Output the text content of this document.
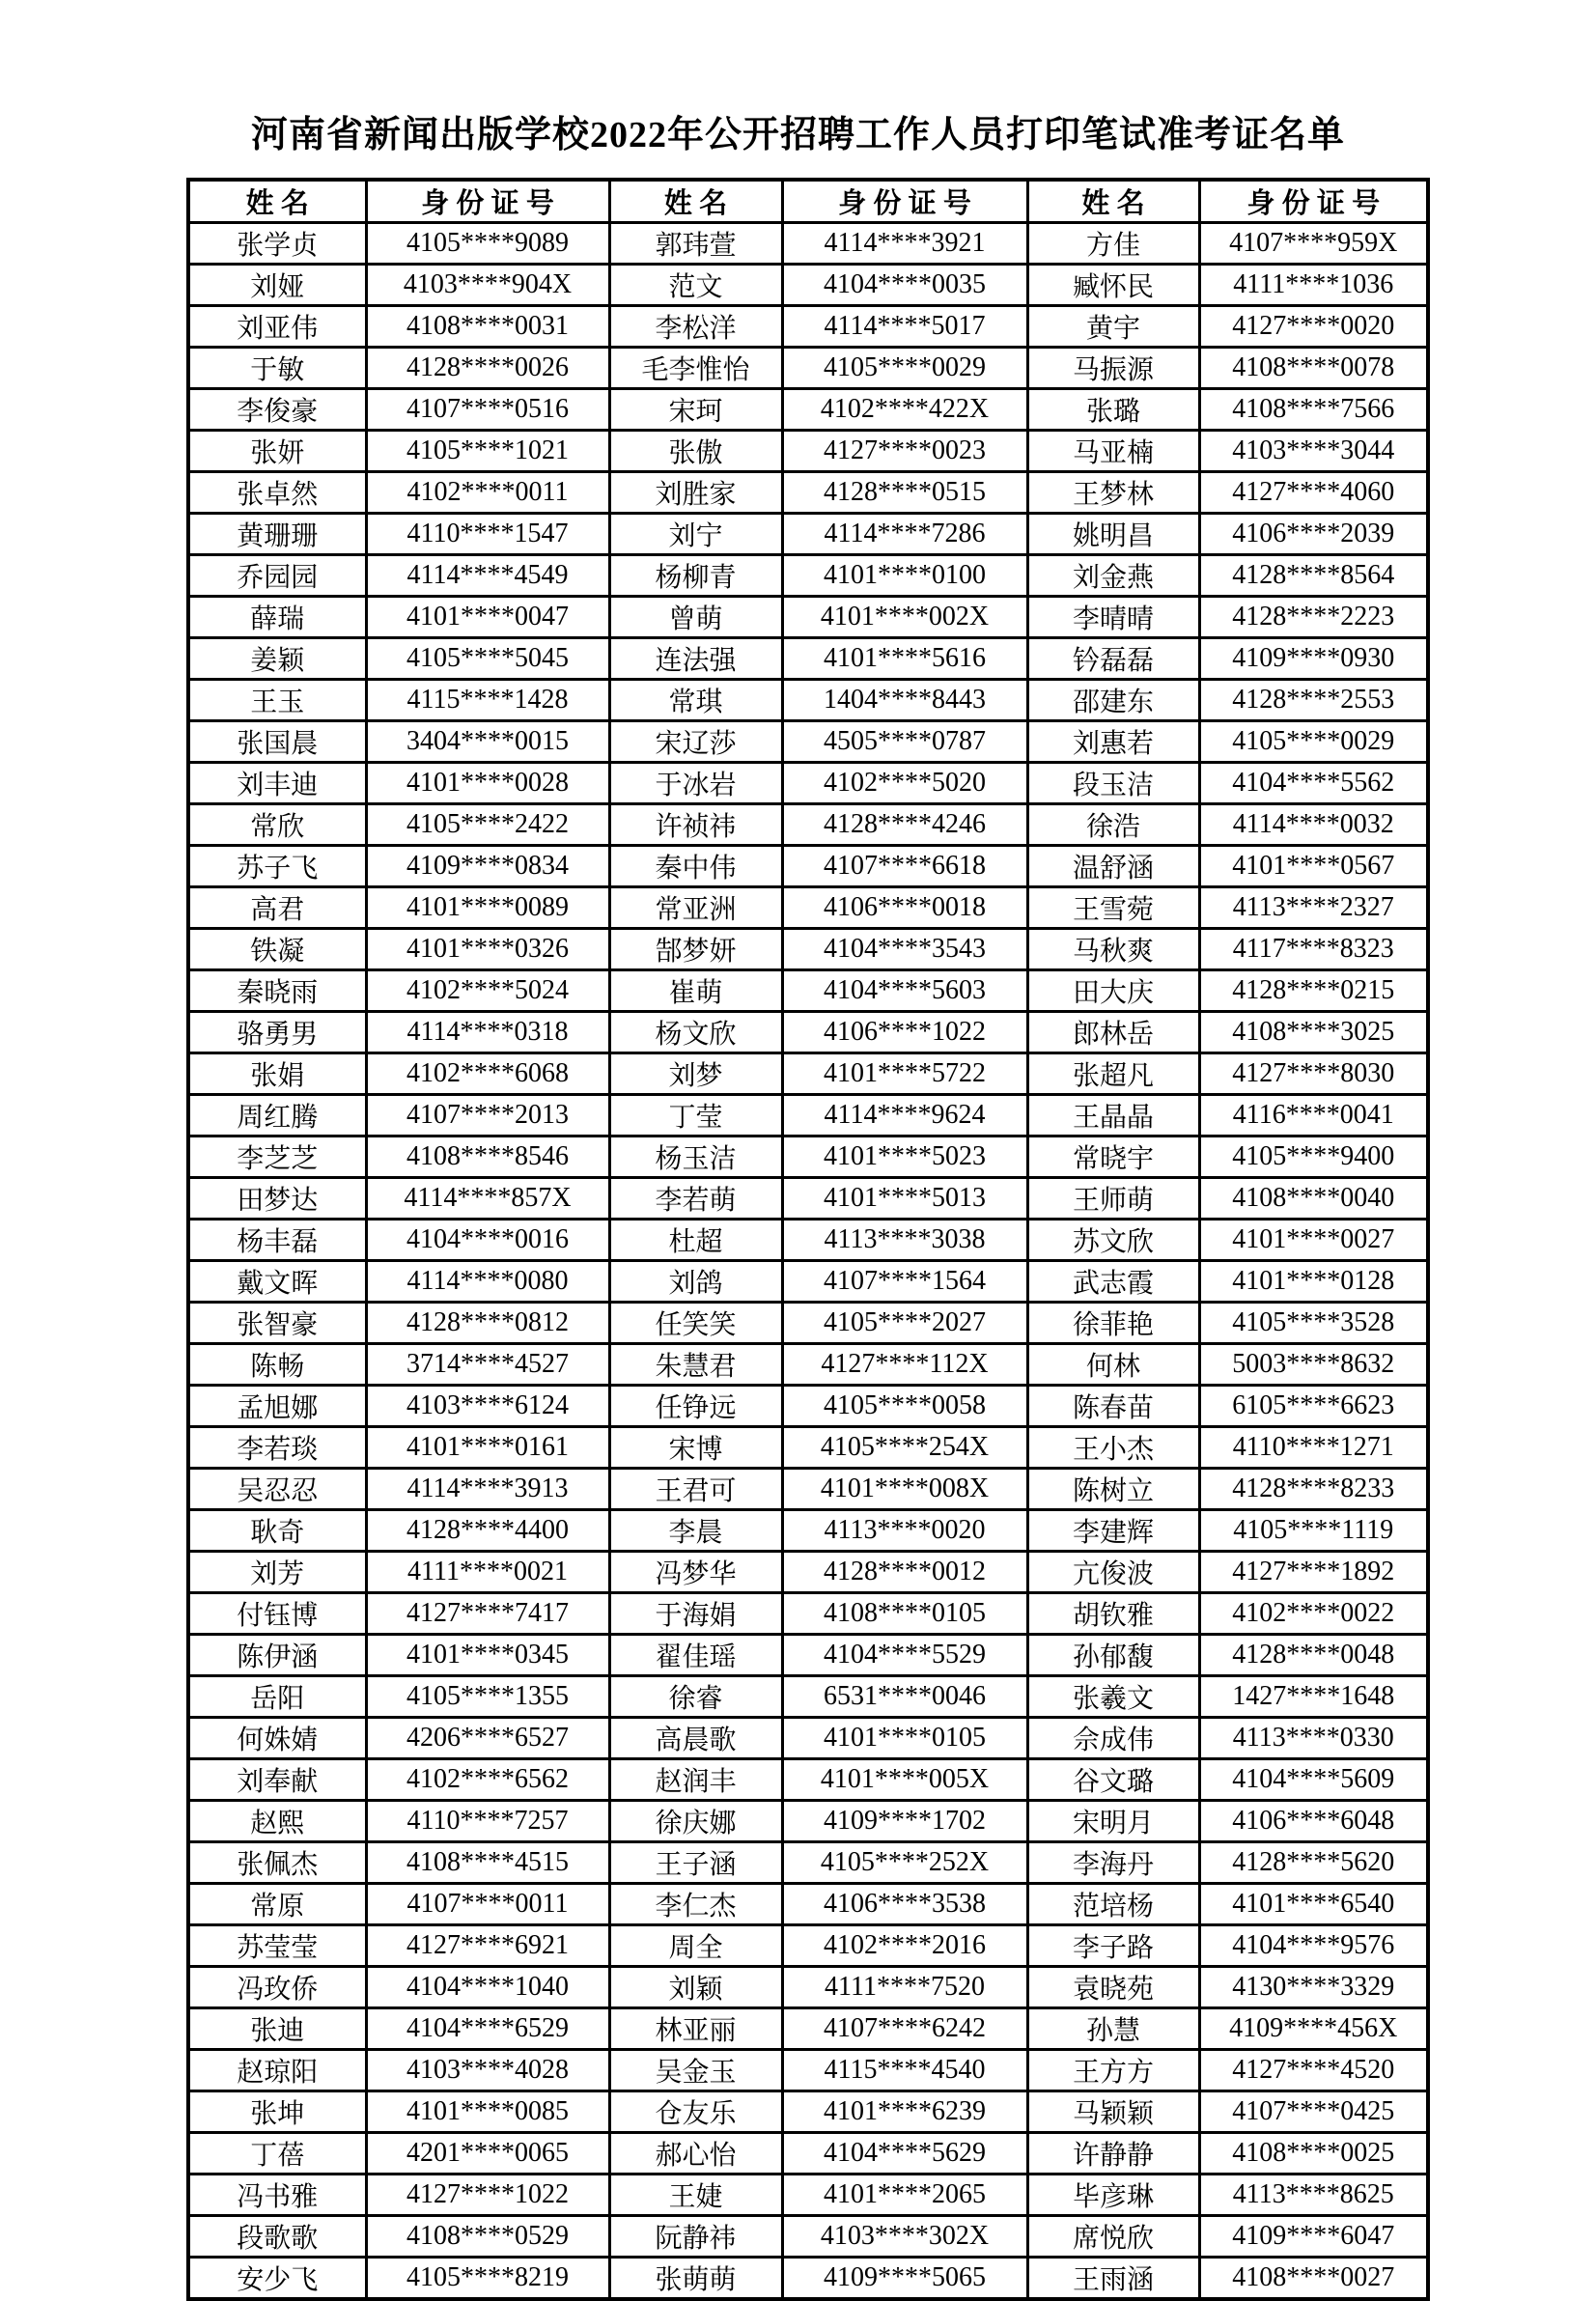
河南省新闻出版学校2022年公开招聘工作人员打印笔试准考证名单
姓名	身份证号	姓名	身份证号	姓名	身份证号
张学贞	4105****9089	郭玮萱	4114****3921	方佳	4107****959X
刘娅	4103****904X	范文	4104****0035	臧怀民	4111****1036
刘亚伟	4108****0031	李松洋	4114****5017	黄宇	4127****0020
于敏	4128****0026	毛李惟怡	4105****0029	马振源	4108****0078
李俊豪	4107****0516	宋珂	4102****422X	张璐	4108****7566
张妍	4105****1021	张傲	4127****0023	马亚楠	4103****3044
张卓然	4102****0011	刘胜家	4128****0515	王梦林	4127****4060
黄珊珊	4110****1547	刘宁	4114****7286	姚明昌	4106****2039
乔园园	4114****4549	杨柳青	4101****0100	刘金燕	4128****8564
薛瑞	4101****0047	曾萌	4101****002X	李晴晴	4128****2223
姜颖	4105****5045	连法强	4101****5616	钤磊磊	4109****0930
王玉	4115****1428	常琪	1404****8443	邵建东	4128****2553
张国晨	3404****0015	宋辽莎	4505****0787	刘惠若	4105****0029
刘丰迪	4101****0028	于冰岩	4102****5020	段玉洁	4104****5562
常欣	4105****2422	许祯祎	4128****4246	徐浩	4114****0032
苏子飞	4109****0834	秦中伟	4107****6618	温舒涵	4101****0567
高君	4101****0089	常亚洲	4106****0018	王雪菀	4113****2327
铁凝	4101****0326	郜梦妍	4104****3543	马秋爽	4117****8323
秦晓雨	4102****5024	崔萌	4104****5603	田大庆	4128****0215
骆勇男	4114****0318	杨文欣	4106****1022	郎林岳	4108****3025
张娟	4102****6068	刘梦	4101****5722	张超凡	4127****8030
周红腾	4107****2013	丁莹	4114****9624	王晶晶	4116****0041
李芝芝	4108****8546	杨玉洁	4101****5023	常晓宇	4105****9400
田梦达	4114****857X	李若萌	4101****5013	王师萌	4108****0040
杨丰磊	4104****0016	杜超	4113****3038	苏文欣	4101****0027
戴文晖	4114****0080	刘鸽	4107****1564	武志霞	4101****0128
张智豪	4128****0812	任笑笑	4105****2027	徐菲艳	4105****3528
陈畅	3714****4527	朱慧君	4127****112X	何林	5003****8632
孟旭娜	4103****6124	任铮远	4105****0058	陈春苗	6105****6623
李若琰	4101****0161	宋博	4105****254X	王小杰	4110****1271
吴忍忍	4114****3913	王君可	4101****008X	陈树立	4128****8233
耿奇	4128****4400	李晨	4113****0020	李建辉	4105****1119
刘芳	4111****0021	冯梦华	4128****0012	亢俊波	4127****1892
付钰博	4127****7417	于海娟	4108****0105	胡钦雅	4102****0022
陈伊涵	4101****0345	翟佳瑶	4104****5529	孙郁馥	4128****0048
岳阳	4105****1355	徐睿	6531****0046	张羲文	1427****1648
何姝婧	4206****6527	高晨歌	4101****0105	佘成伟	4113****0330
刘奉献	4102****6562	赵润丰	4101****005X	谷文璐	4104****5609
赵熙	4110****7257	徐庆娜	4109****1702	宋明月	4106****6048
张佩杰	4108****4515	王子涵	4105****252X	李海丹	4128****5620
常原	4107****0011	李仁杰	4106****3538	范培杨	4101****6540
苏莹莹	4127****6921	周全	4102****2016	李子路	4104****9576
冯玫侨	4104****1040	刘颖	4111****7520	袁晓苑	4130****3329
张迪	4104****6529	林亚丽	4107****6242	孙慧	4109****456X
赵琼阳	4103****4028	吴金玉	4115****4540	王方方	4127****4520
张坤	4101****0085	仓友乐	4101****6239	马颖颖	4107****0425
丁蓓	4201****0065	郝心怡	4104****5629	许静静	4108****0025
冯书雅	4127****1022	王婕	4101****2065	毕彦琳	4113****8625
段歌歌	4108****0529	阮静祎	4103****302X	席悦欣	4109****6047
安少飞	4105****8219	张萌萌	4109****5065	王雨涵	4108****0027
